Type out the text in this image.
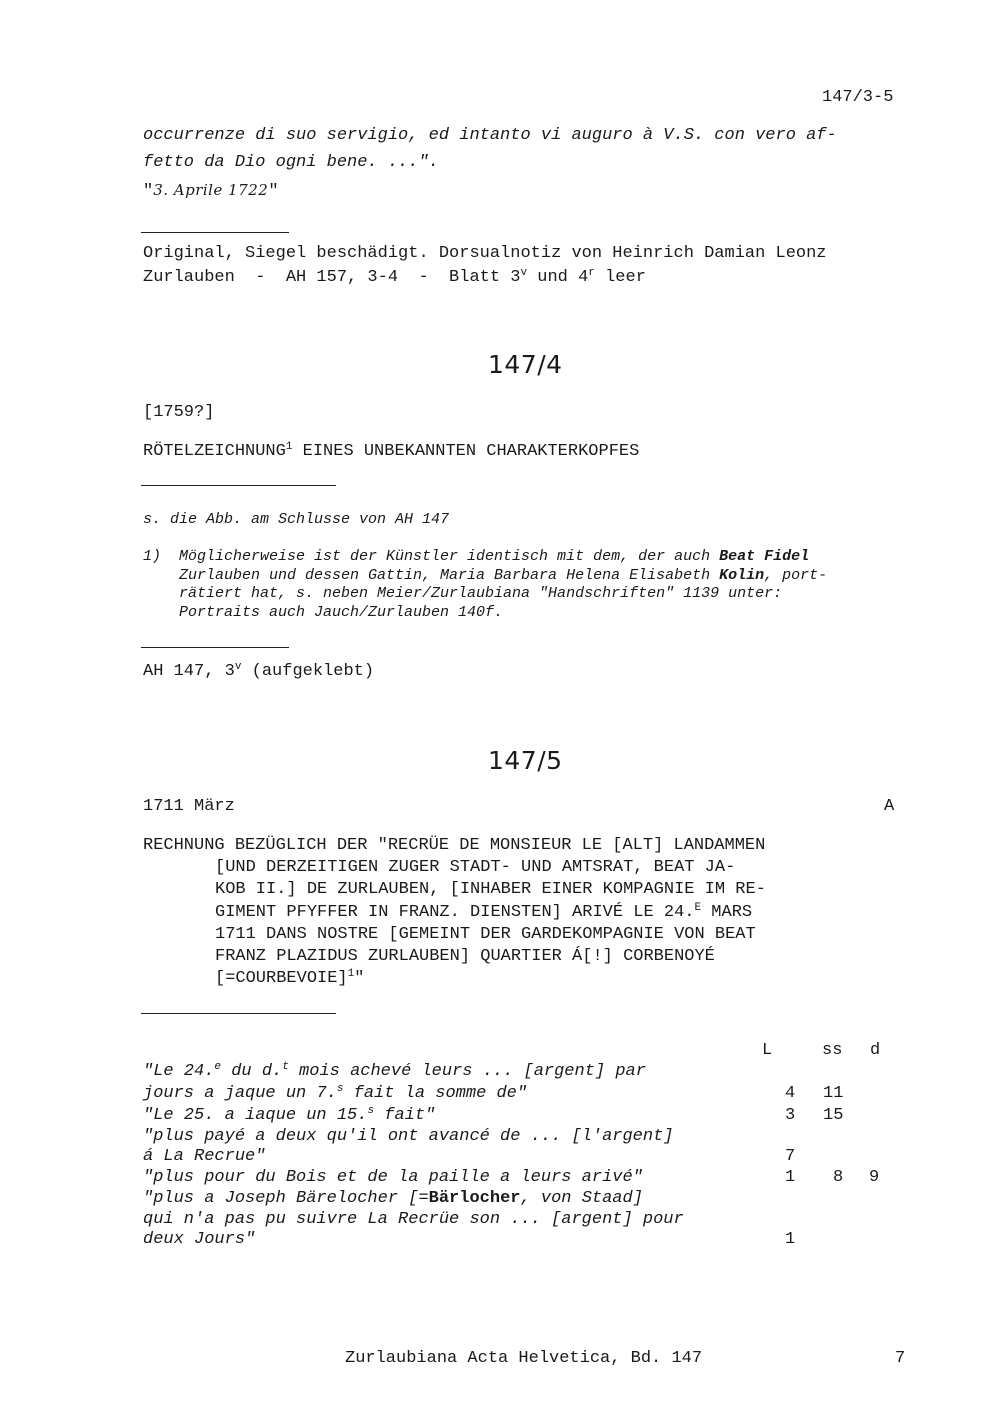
147/3-5
occurrenze di suo servigio, ed intanto vi auguro à V.S. con vero af-
fetto da Dio ogni bene. ...".
"3. Aprile 1722"
Original, Siegel beschädigt. Dorsualnotiz von Heinrich Damian Leonz
Zurlauben  -  AH 157, 3-4  -  Blatt 3$^v$ und 4$^r$ leer
147/4
[1759?]
RÖTELZEICHNUNG$^1$ EINES UNBEKANNTEN CHARAKTERKOPFES
s. die Abb. am Schlusse von AH 147
1) Möglicherweise ist der Künstler identisch mit dem, der auch Beat Fidel
Zurlauben und dessen Gattin, Maria Barbara Helena Elisabeth Kolin, port-
rätiert hat, s. neben Meier/Zurlaubiana "Handschriften" 1139 unter:
Portraits auch Jauch/Zurlauben 140f.
AH 147, 3$^v$ (aufgeklebt)
147/5
1711 März	A
RECHNUNG BEZÜGLICH DER "RECRÜE DE MONSIEUR LE [ALT] LANDAMMEN
[UND DERZEITIGEN ZUGER STADT- UND AMTSRAT, BEAT JA-
KOB II.] DE ZURLAUBEN, [INHABER EINER KOMPAGNIE IM RE-
GIMENT PFYFFER IN FRANZ. DIENSTEN] ARIVÉ LE 24.$^E$ MARS
1711 DANS NOSTRE [GEMEINT DER GARDEKOMPAGNIE VON BEAT
FRANZ PLAZIDUS ZURLAUBEN] QUARTIER Á[!] CORBENOYÉ
[=COURBEVOIE]$^1$"
L	ss d
"Le 24.$^e$ du d.$^t$ mois achevé leurs ... [argent] par
jours a jaque un 7.$^s$ fait la somme de"	4 11
"Le 25. a iaque un 15.$^s$ fait"	3 15
"plus payé a deux qu'il ont avancé de ... [l'argent]
á La Recrue"	7
"plus pour du Bois et de la paille a leurs arivé"	1 8 9
"plus a Joseph Bärelocher [=Bärlocher, von Staad]
qui n'a pas pu suivre La Recrüe son ... [argent] pour
deux Jours"	1
Zurlaubiana Acta Helvetica, Bd. 147	7
